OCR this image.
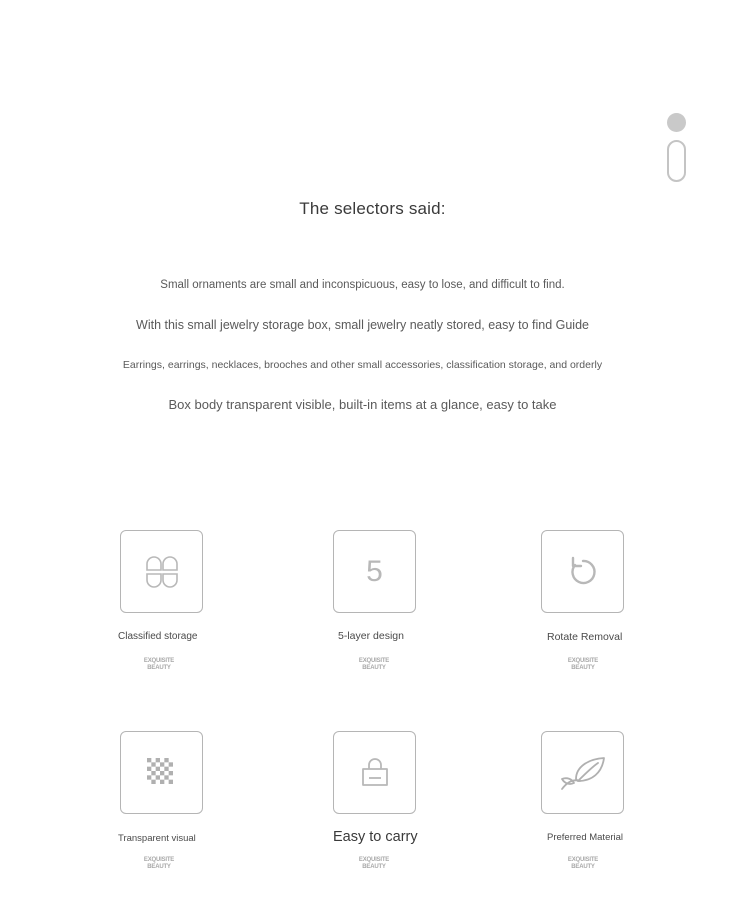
The selectors said:
Small ornaments are small and inconspicuous, easy to lose, and difficult to find.
With this small jewelry storage box, small jewelry neatly stored, easy to find Guide
Earrings, earrings, necklaces, brooches and other small accessories, classification storage, and orderly
Box body transparent visible, built-in items at a glance, easy to take
Classified storage
EXQUISITE
BEAUTY
5
5-layer design
EXQUISITE
BEAUTY
Rotate Removal
EXQUISITE
BEAUTY
Transparent visual
EXQUISITE
BEAUTY
Easy to carry
EXQUISITE
BEAUTY
Preferred Material
EXQUISITE
BEAUTY
